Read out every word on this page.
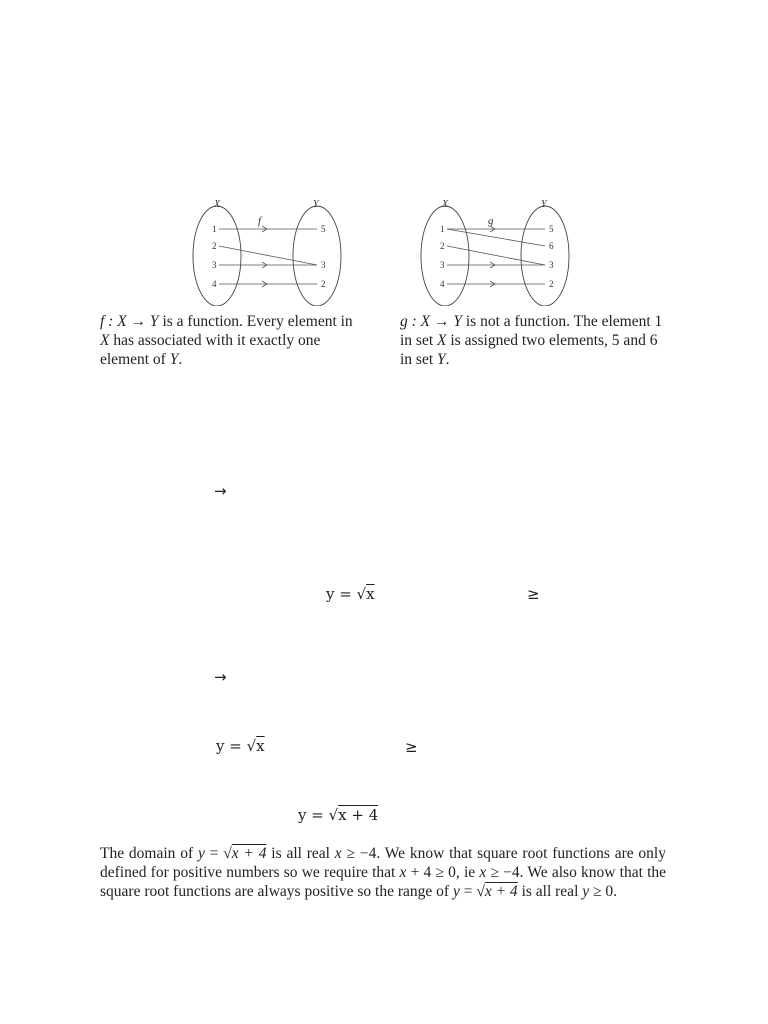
X	Y
f
1
2
3
4
5
3
2
f : X → Y is a function. Every element in X has associated with it exactly one element of Y.
X	Y
g
1
2
3
4
5
6
3
2
g : X → Y is not a function. The element 1 in set X is assigned two elements, 5 and 6 in set Y.
→
y = √x	≥
→
y = √x	≥
y = √x + 4
The domain of y = √x + 4 is all real x ≥ −4. We know that square root functions are only defined for positive numbers so we require that x + 4 ≥ 0, ie x ≥ −4. We also know that the square root functions are always positive so the range of y = √x + 4 is all real y ≥ 0.
